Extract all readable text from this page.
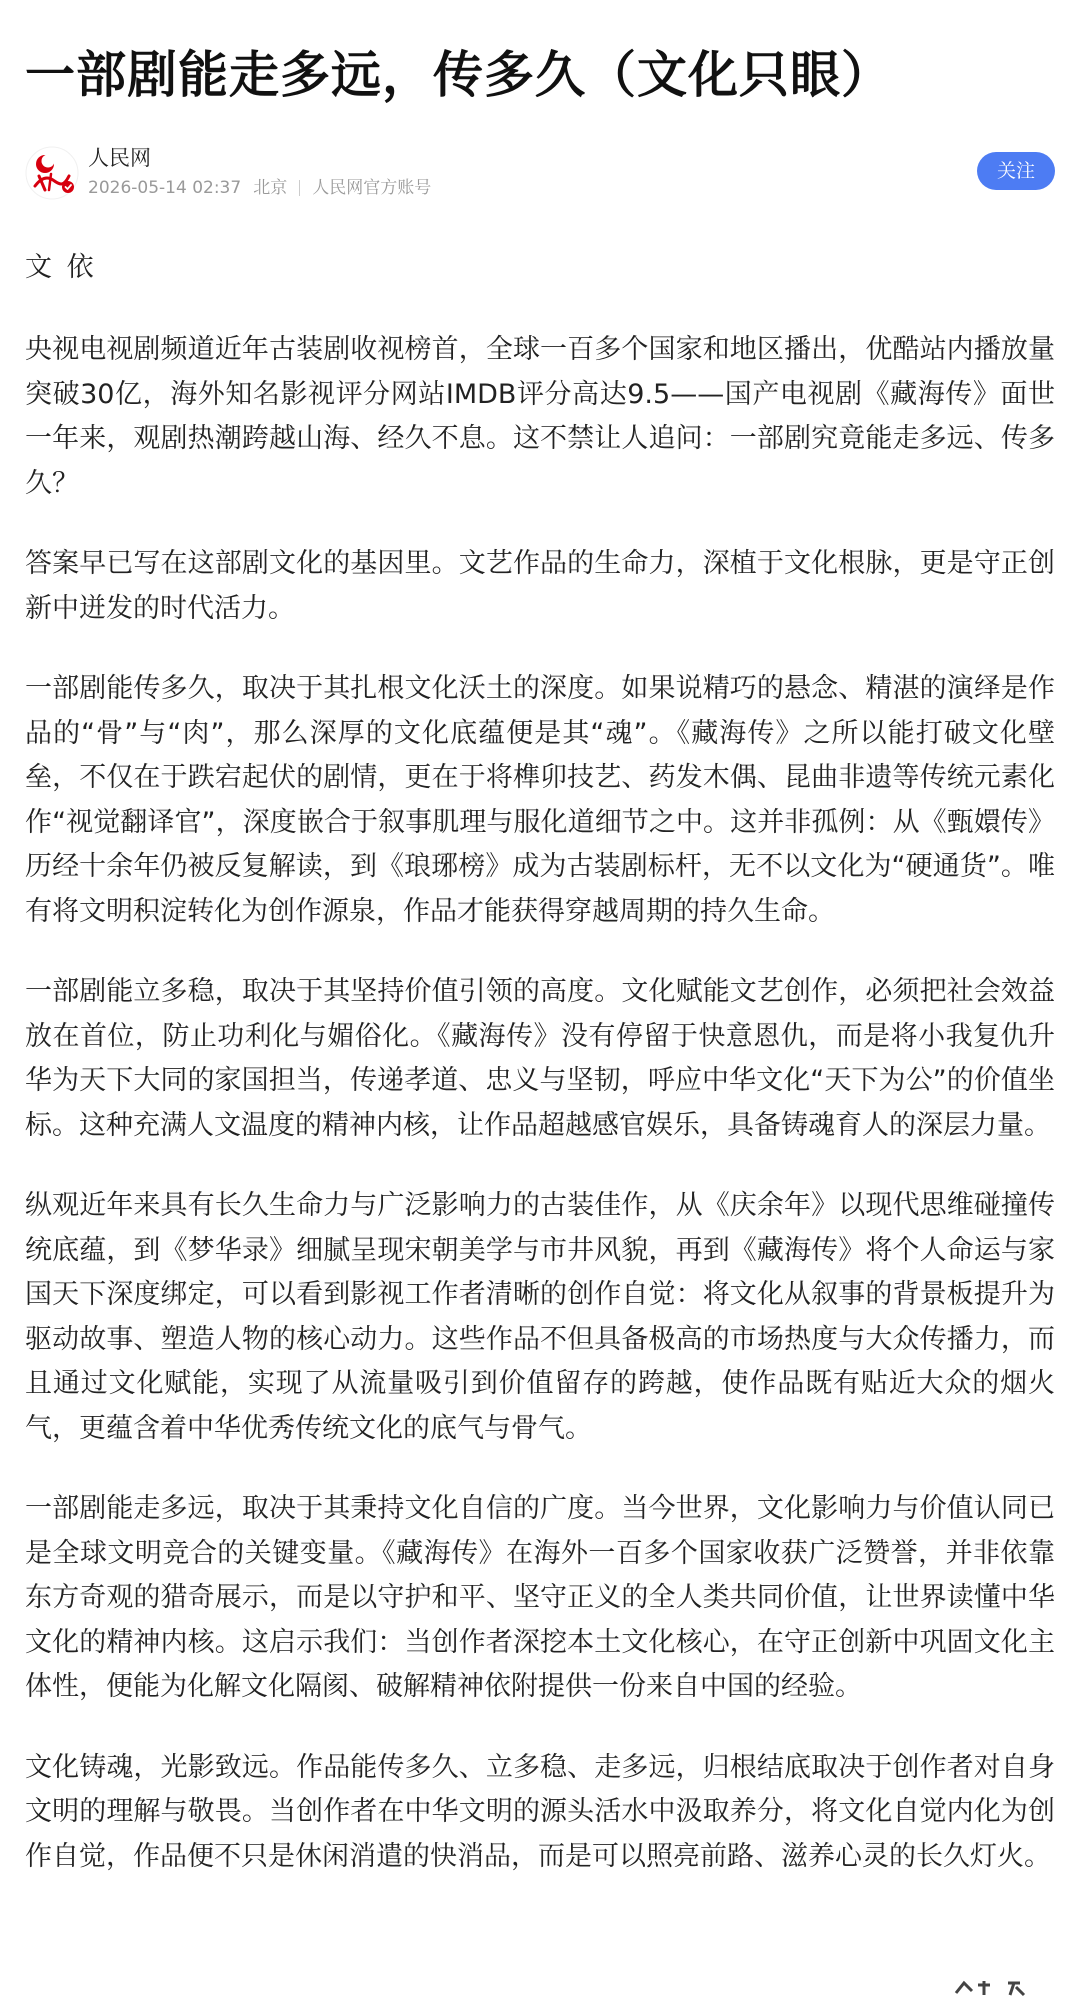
一部剧能走多远，传多久（文化只眼）
人民网
2026-05-14 02:37 北京 人民网官方账号
关注

文 依

央视电视剧频道近年古装剧收视榜首，全球一百多个国家和地区播出，优酷站内播放量突破30亿，海外知名影视评分网站IMDB评分高达9.5——国产电视剧《藏海传》面世一年来，观剧热潮跨越山海、经久不息。这不禁让人追问：一部剧究竟能走多远、传多久？

答案早已写在这部剧文化的基因里。文艺作品的生命力，深植于文化根脉，更是守正创新中迸发的时代活力。

一部剧能传多久，取决于其扎根文化沃土的深度。如果说精巧的悬念、精湛的演绎是作品的“骨”与“肉”，那么深厚的文化底蕴便是其“魂”。《藏海传》之所以能打破文化壁垒，不仅在于跌宕起伏的剧情，更在于将榫卯技艺、药发木偶、昆曲非遗等传统元素化作“视觉翻译官”，深度嵌合于叙事肌理与服化道细节之中。这并非孤例：从《甄嬛传》历经十余年仍被反复解读，到《琅琊榜》成为古装剧标杆，无不以文化为“硬通货”。唯有将文明积淀转化为创作源泉，作品才能获得穿越周期的持久生命。

一部剧能立多稳，取决于其坚持价值引领的高度。文化赋能文艺创作，必须把社会效益放在首位，防止功利化与媚俗化。《藏海传》没有停留于快意恩仇，而是将小我复仇升华为天下大同的家国担当，传递孝道、忠义与坚韧，呼应中华文化“天下为公”的价值坐标。这种充满人文温度的精神内核，让作品超越感官娱乐，具备铸魂育人的深层力量。

纵观近年来具有长久生命力与广泛影响力的古装佳作，从《庆余年》以现代思维碰撞传统底蕴，到《梦华录》细腻呈现宋朝美学与市井风貌，再到《藏海传》将个人命运与家国天下深度绑定，可以看到影视工作者清晰的创作自觉：将文化从叙事的背景板提升为驱动故事、塑造人物的核心动力。这些作品不但具备极高的市场热度与大众传播力，而且通过文化赋能，实现了从流量吸引到价值留存的跨越，使作品既有贴近大众的烟火气，更蕴含着中华优秀传统文化的底气与骨气。

一部剧能走多远，取决于其秉持文化自信的广度。当今世界，文化影响力与价值认同已是全球文明竞合的关键变量。《藏海传》在海外一百多个国家收获广泛赞誉，并非依靠东方奇观的猎奇展示，而是以守护和平、坚守正义的全人类共同价值，让世界读懂中华文化的精神内核。这启示我们：当创作者深挖本土文化核心，在守正创新中巩固文化主体性，便能为化解文化隔阂、破解精神依附提供一份来自中国的经验。

文化铸魂，光影致远。作品能传多久、立多稳、走多远，归根结底取决于创作者对自身文明的理解与敬畏。当创作者在中华文明的源头活水中汲取养分，将文化自觉内化为创作自觉，作品便不只是休闲消遣的快消品，而是可以照亮前路、滋养心灵的长久灯火。
